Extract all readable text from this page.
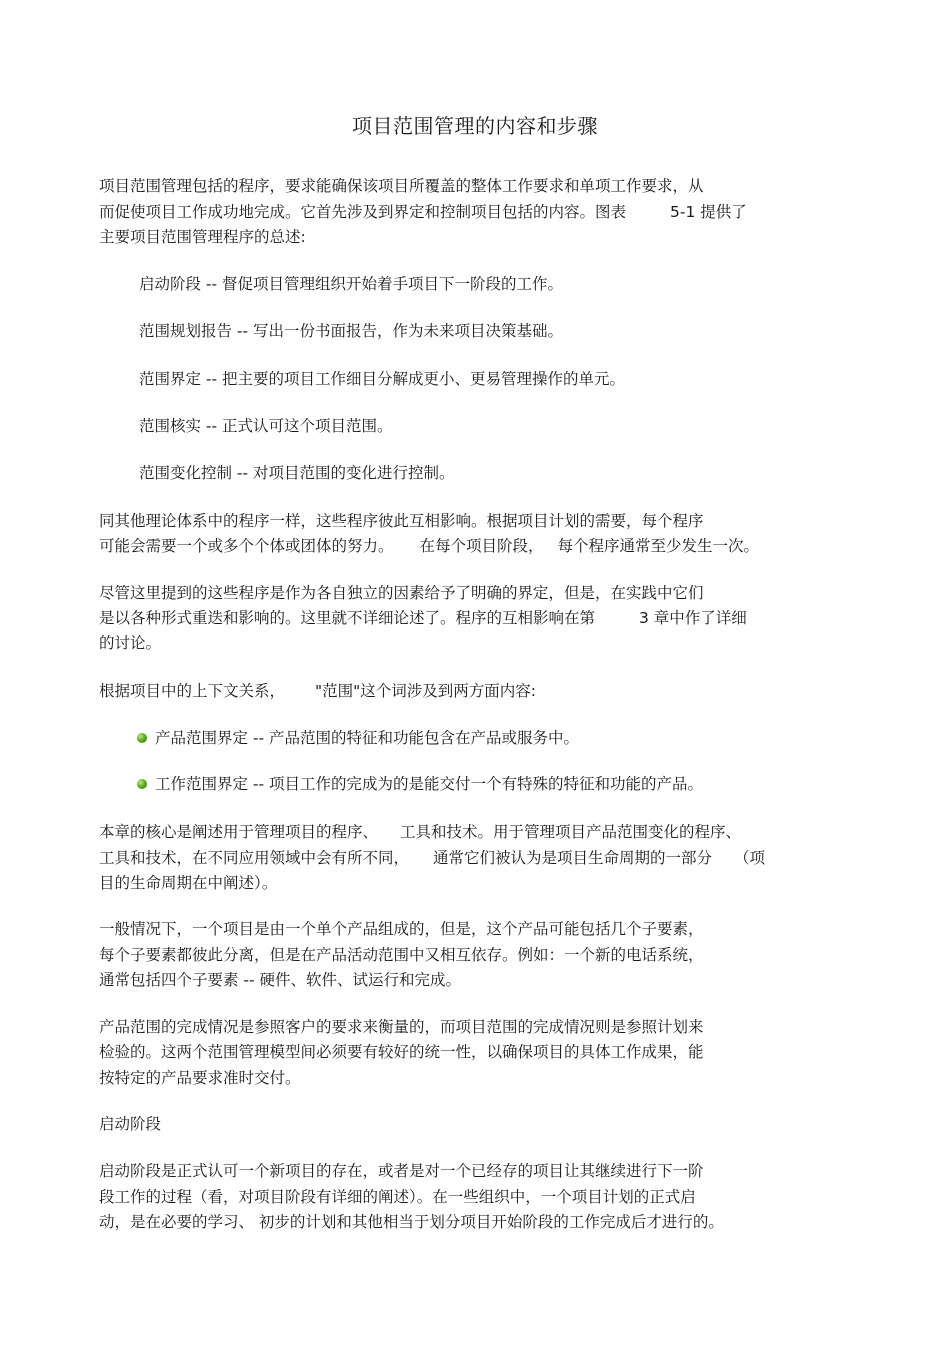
项目范围管理的内容和步骤
项目范围管理包括的程序，要求能确保该项目所覆盖的整体工作要求和单项工作要求，从
而促使项目工作成功地完成。它首先涉及到界定和控制项目包括的内容。图表	5-1 提供了
主要项目范围管理程序的总述:
启动阶段 -- 督促项目管理组织开始着手项目下一阶段的工作。
范围规划报告 -- 写出一份书面报告，作为未来项目决策基础。
范围界定 -- 把主要的项目工作细目分解成更小、更易管理操作的单元。
范围核实 -- 正式认可这个项目范围。
范围变化控制 -- 对项目范围的变化进行控制。
同其他理论体系中的程序一样，这些程序彼此互相影响。根据项目计划的需要，每个程序
可能会需要一个或多个个体或团体的努力。 在每个项目阶段， 每个程序通常至少发生一次。
尽管这里提到的这些程序是作为各自独立的因素给予了明确的界定，但是，在实践中它们
是以各种形式重迭和影响的。这里就不详细论述了。程序的互相影响在第	3 章中作了详细
的讨论。
根据项目中的上下文关系， "范围"这个词涉及到两方面内容:
产品范围界定 -- 产品范围的特征和功能包含在产品或服务中。
工作范围界定 -- 项目工作的完成为的是能交付一个有特殊的特征和功能的产品。
本章的核心是阐述用于管理项目的程序、 工具和技术。用于管理项目产品范围变化的程序、
工具和技术，在不同应用领域中会有所不同， 通常它们被认为是项目生命周期的一部分 （项
目的生命周期在中阐述）。
一般情况下，一个项目是由一个单个产品组成的，但是，这个产品可能包括几个子要素，
每个子要素都彼此分离，但是在产品活动范围中又相互依存。例如：一个新的电话系统，
通常包括四个子要素 -- 硬件、软件、试运行和完成。
产品范围的完成情况是参照客户的要求来衡量的，而项目范围的完成情况则是参照计划来
检验的。这两个范围管理模型间必须要有较好的统一性，以确保项目的具体工作成果，能
按特定的产品要求准时交付。
启动阶段
启动阶段是正式认可一个新项目的存在，或者是对一个已经存的项目让其继续进行下一阶
段工作的过程（看，对项目阶段有详细的阐述）。在一些组织中，一个项目计划的正式启
动，是在必要的学习、 初步的计划和其他相当于划分项目开始阶段的工作完成后才进行的。
